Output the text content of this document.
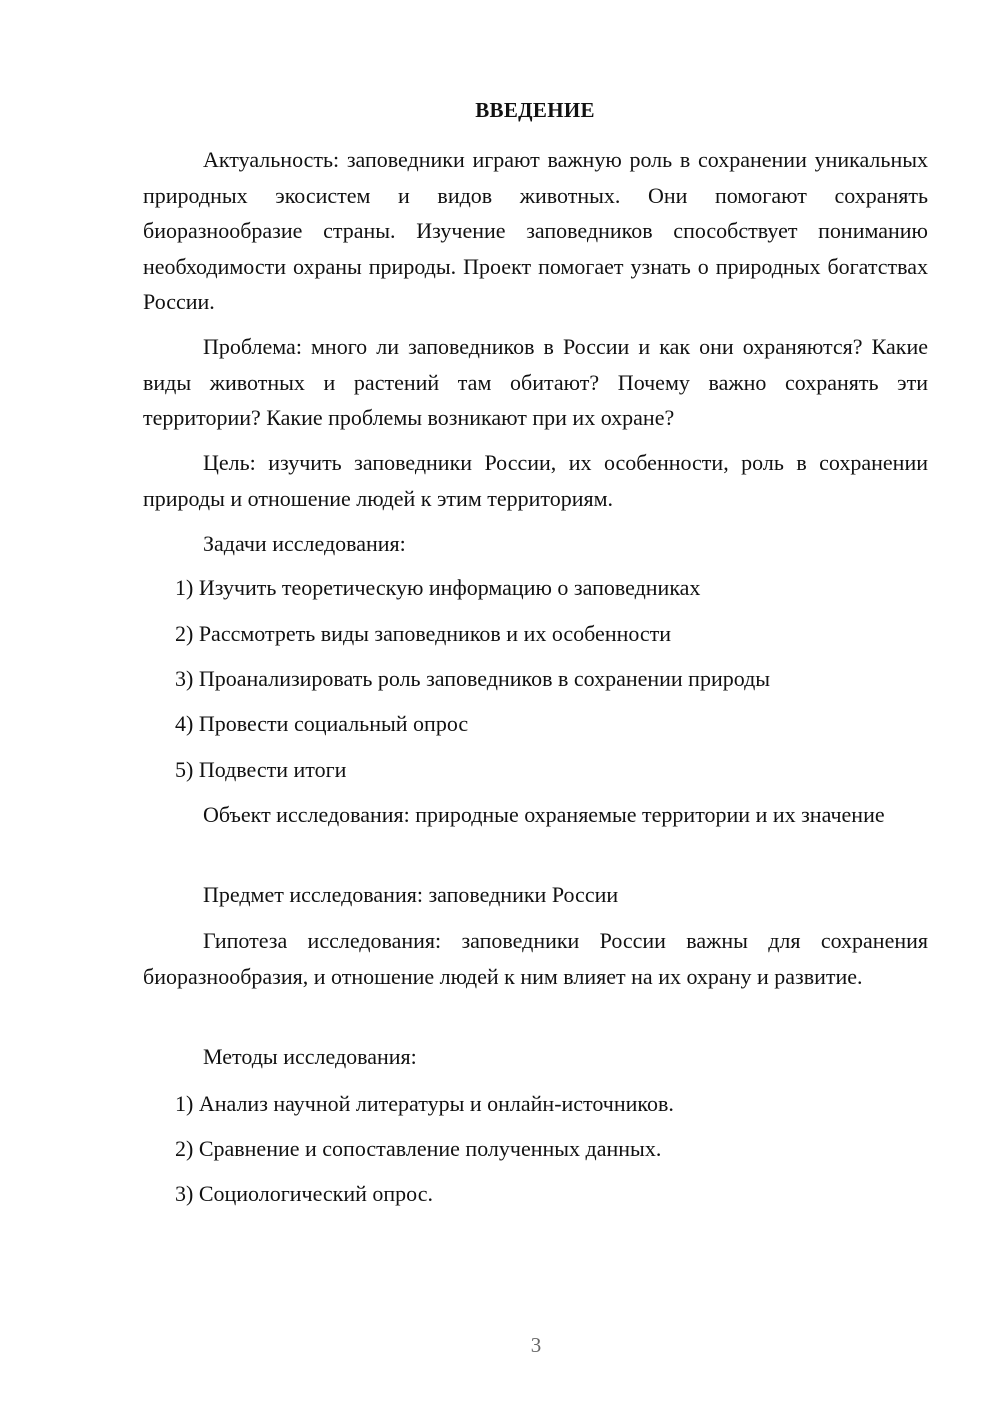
ВВЕДЕНИЕ

Актуальность: заповедники играют важную роль в сохранении уникальных природных экосистем и видов животных. Они помогают сохранять биоразнообразие страны. Изучение заповедников способствует пониманию необходимости охраны природы. Проект помогает узнать о природных богатствах России.

Проблема: много ли заповедников в России и как они охраняются? Какие виды животных и растений там обитают? Почему важно сохранять эти территории? Какие проблемы возникают при их охране?

Цель: изучить заповедники России, их особенности, роль в сохранении природы и отношение людей к этим территориям.

Задачи исследования:

1) Изучить теоретическую информацию о заповедниках

2) Рассмотреть виды заповедников и их особенности

3) Проанализировать роль заповедников в сохранении природы

4) Провести социальный опрос

5) Подвести итоги

Объект исследования: природные охраняемые территории и их значение

Предмет исследования: заповедники России

Гипотеза исследования: заповедники России важны для сохранения биоразнообразия, и отношение людей к ним влияет на их охрану и развитие.

Методы исследования:

1) Анализ научной литературы и онлайн-источников.

2) Сравнение и сопоставление полученных данных.

3) Социологический опрос.

3
